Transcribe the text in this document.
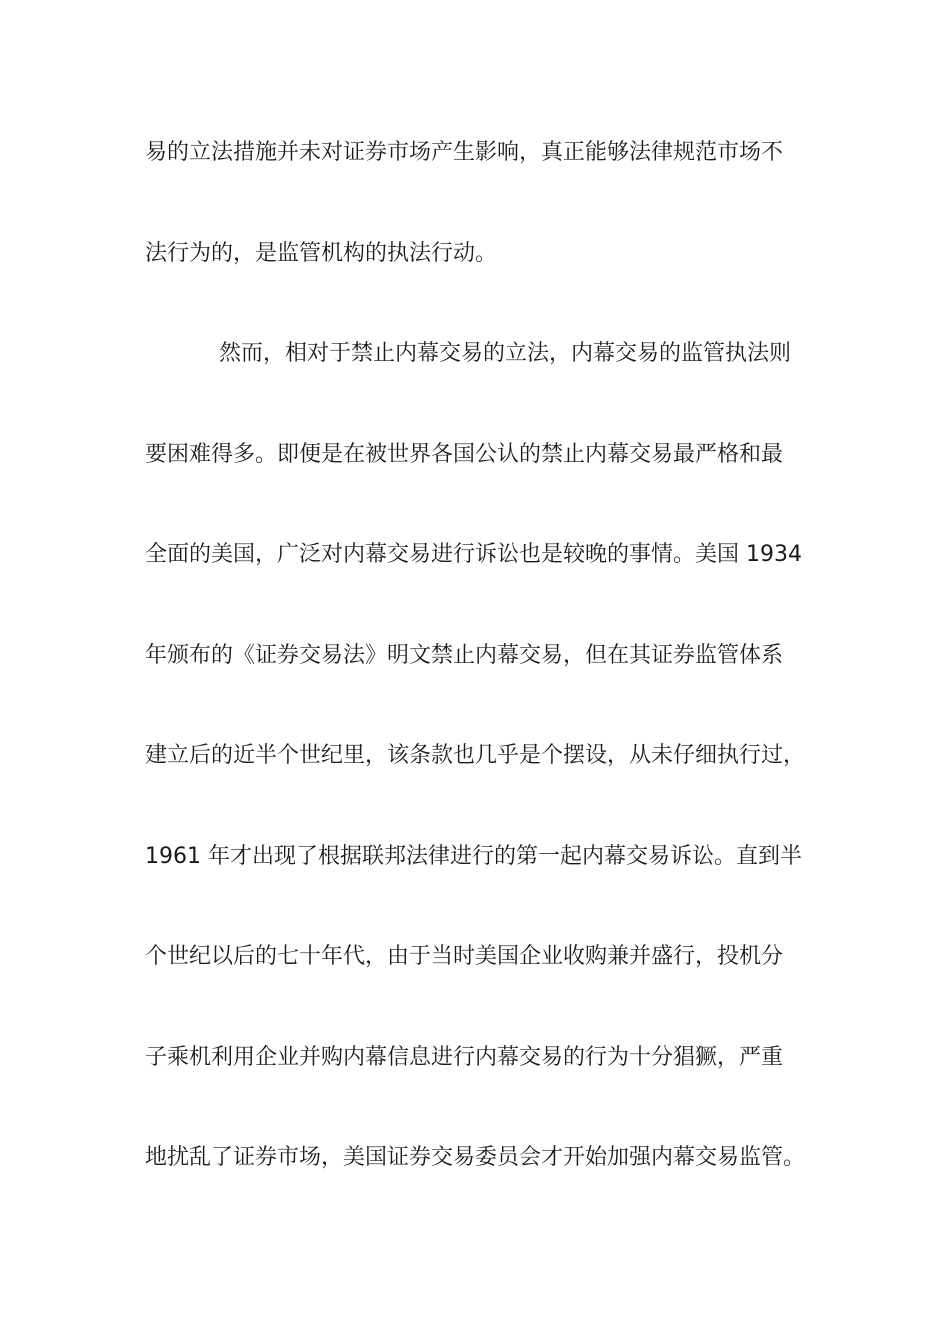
易的立法措施并未对证券市场产生影响，真正能够法律规范市场不
法行为的，是监管机构的执法行动。
然而，相对于禁止内幕交易的立法，内幕交易的监管执法则
要困难得多。即便是在被世界各国公认的禁止内幕交易最严格和最
全面的美国，广泛对内幕交易进行诉讼也是较晚的事情。美国 1934
年颁布的《证券交易法》明文禁止内幕交易，但在其证券监管体系
建立后的近半个世纪里，该条款也几乎是个摆设，从未仔细执行过，
1961 年才出现了根据联邦法律进行的第一起内幕交易诉讼。直到半
个世纪以后的七十年代，由于当时美国企业收购兼并盛行，投机分
子乘机利用企业并购内幕信息进行内幕交易的行为十分猖獗，严重
地扰乱了证券市场，美国证券交易委员会才开始加强内幕交易监管。
